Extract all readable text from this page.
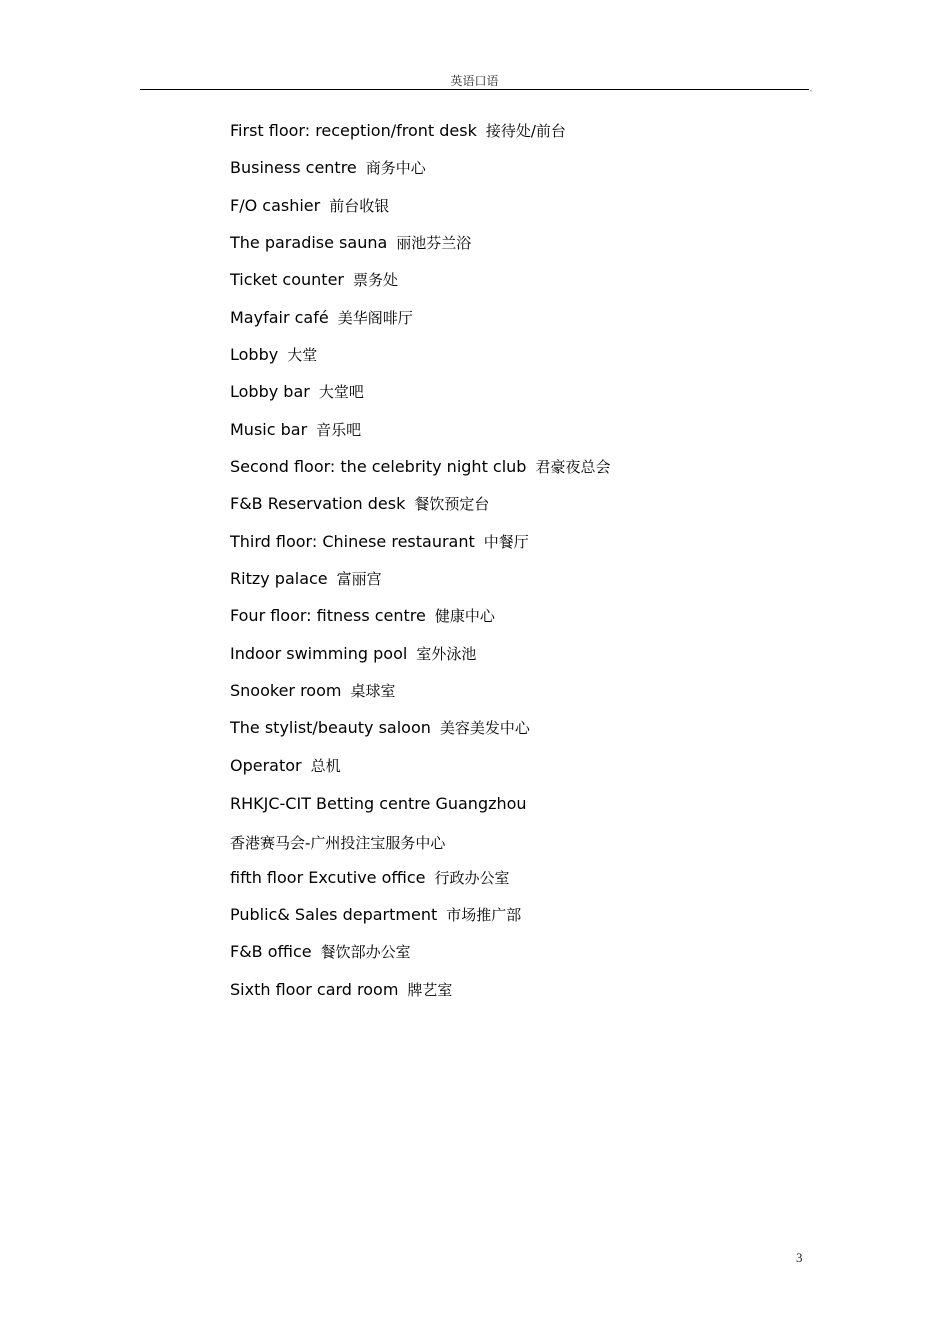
英语口语
,
First floor: reception/front desk 接待处/前台
Business centre 商务中心
F/O cashier 前台收银
The paradise sauna 丽池芬兰浴
Ticket counter 票务处
Mayfair café 美华阁啡厅
Lobby 大堂
Lobby bar 大堂吧
Music bar 音乐吧
Second floor: the celebrity night club 君豪夜总会
F&B Reservation desk 餐饮预定台
Third floor: Chinese restaurant 中餐厅
Ritzy palace 富丽宫
Four floor: fitness centre 健康中心
Indoor swimming pool 室外泳池
Snooker room 桌球室
The stylist/beauty saloon 美容美发中心
Operator 总机
RHKJC-CIT Betting centre Guangzhou
香港赛马会-广州投注宝服务中心
fifth floor Excutive office 行政办公室
Public& Sales department 市场推广部
F&B office 餐饮部办公室
Sixth floor card room 牌艺室
3
